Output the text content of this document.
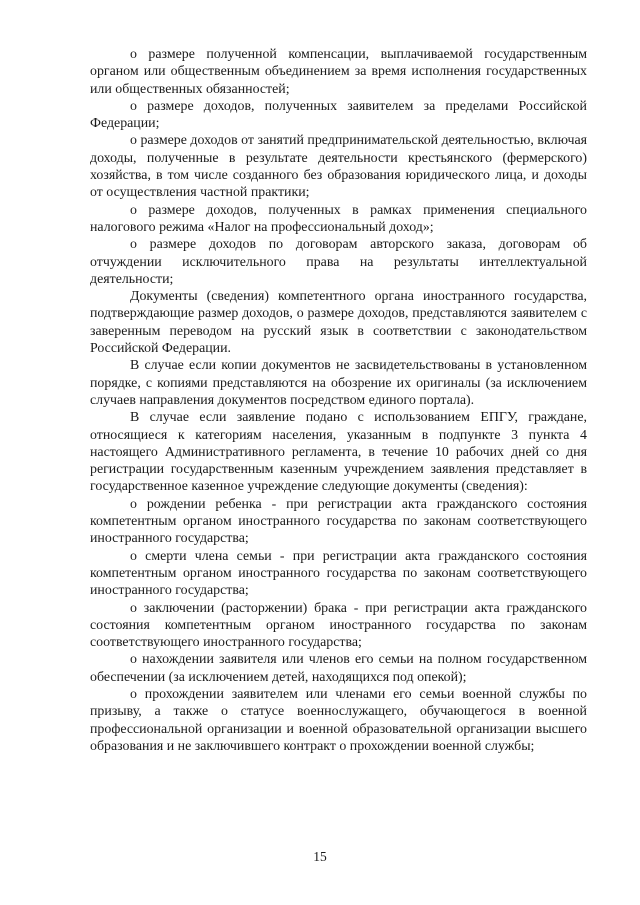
о размере полученной компенсации, выплачиваемой государственным органом или общественным объединением за время исполнения государственных или общественных обязанностей;

о размере доходов, полученных заявителем за пределами Российской Федерации;

о размере доходов от занятий предпринимательской деятельностью, включая доходы, полученные в результате деятельности крестьянского (фермерского) хозяйства, в том числе созданного без образования юридического лица, и доходы от осуществления частной практики;

о размере доходов, полученных в рамках применения специального налогового режима «Налог на профессиональный доход»;

о размере доходов по договорам авторского заказа, договорам об отчуждении исключительного права на результаты интеллектуальной деятельности;

Документы (сведения) компетентного органа иностранного государства, подтверждающие размер доходов, о размере доходов, представляются заявителем с заверенным переводом на русский язык в соответствии с законодательством Российской Федерации.

В случае если копии документов не засвидетельствованы в установленном порядке, с копиями представляются на обозрение их оригиналы (за исключением случаев направления документов посредством единого портала).

В случае если заявление подано с использованием ЕПГУ, граждане, относящиеся к категориям населения, указанным в подпункте 3 пункта 4 настоящего Административного регламента, в течение 10 рабочих дней со дня регистрации государственным казенным учреждением заявления представляет в государственное казенное учреждение следующие документы (сведения):

о рождении ребенка - при регистрации акта гражданского состояния компетентным органом иностранного государства по законам соответствующего иностранного государства;

о смерти члена семьи - при регистрации акта гражданского состояния компетентным органом иностранного государства по законам соответствующего иностранного государства;

о заключении (расторжении) брака - при регистрации акта гражданского состояния компетентным органом иностранного государства по законам соответствующего иностранного государства;

о нахождении заявителя или членов его семьи на полном государственном обеспечении (за исключением детей, находящихся под опекой);

о прохождении заявителем или членами его семьи военной службы по призыву, а также о статусе военнослужащего, обучающегося в военной профессиональной организации и военной образовательной организации высшего образования и не заключившего контракт о прохождении военной службы;

15
